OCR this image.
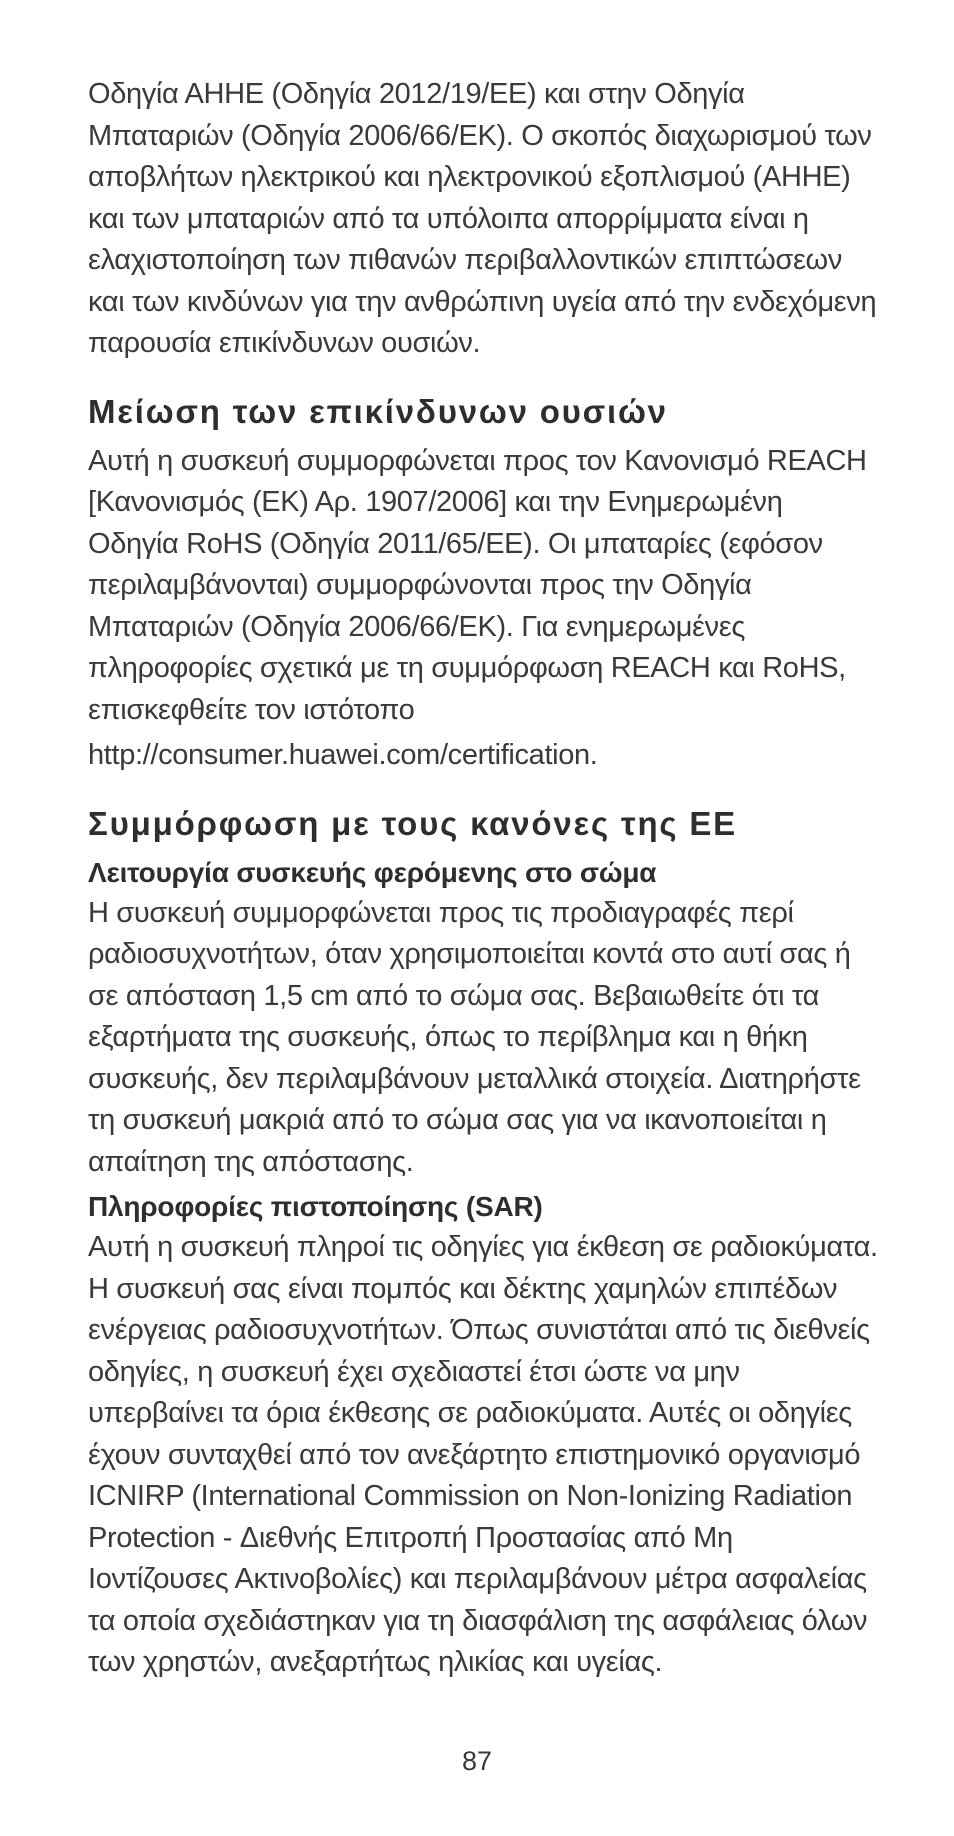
Οδηγία ΑΗΗΕ (Οδηγία 2012/19/ΕΕ) και στην Οδηγία
Μπαταριών (Οδηγία 2006/66/ΕΚ). Ο σκοπός διαχωρισμού των
αποβλήτων ηλεκτρικού και ηλεκτρονικού εξοπλισμού (ΑΗΗΕ)
και των μπαταριών από τα υπόλοιπα απορρίμματα είναι η
ελαχιστοποίηση των πιθανών περιβαλλοντικών επιπτώσεων
και των κινδύνων για την ανθρώπινη υγεία από την ενδεχόμενη
παρουσία επικίνδυνων ουσιών.

Μείωση των επικίνδυνων ουσιών

Αυτή η συσκευή συμμορφώνεται προς τον Κανονισμό REACH
[Κανονισμός (ΕΚ) Αρ. 1907/2006] και την Ενημερωμένη
Οδηγία RoHS (Οδηγία 2011/65/ΕΕ). Οι μπαταρίες (εφόσον
περιλαμβάνονται) συμμορφώνονται προς την Οδηγία
Μπαταριών (Οδηγία 2006/66/ΕΚ). Για ενημερωμένες
πληροφορίες σχετικά με τη συμμόρφωση REACH και RoHS,
επισκεφθείτε τον ιστότοπο

http://consumer.huawei.com/certification.

Συμμόρφωση με τους κανόνες της ΕΕ
Λειτουργία συσκευής φερόμενης στο σώμα

Η συσκευή συμμορφώνεται προς τις προδιαγραφές περί
ραδιοσυχνοτήτων, όταν χρησιμοποιείται κοντά στο αυτί σας ή
σε απόσταση 1,5 cm από το σώμα σας. Βεβαιωθείτε ότι τα
εξαρτήματα της συσκευής, όπως το περίβλημα και η θήκη
συσκευής, δεν περιλαμβάνουν μεταλλικά στοιχεία. Διατηρήστε
τη συσκευή μακριά από το σώμα σας για να ικανοποιείται η
απαίτηση της απόστασης.

Πληροφορίες πιστοποίησης (SAR)

Αυτή η συσκευή πληροί τις οδηγίες για έκθεση σε ραδιοκύματα.
Η συσκευή σας είναι πομπός και δέκτης χαμηλών επιπέδων
ενέργειας ραδιοσυχνοτήτων. Όπως συνιστάται από τις διεθνείς
οδηγίες, η συσκευή έχει σχεδιαστεί έτσι ώστε να μην
υπερβαίνει τα όρια έκθεσης σε ραδιοκύματα. Αυτές οι οδηγίες
έχουν συνταχθεί από τον ανεξάρτητο επιστημονικό οργανισμό
ICNIRP (International Commission on Non-Ionizing Radiation
Protection - Διεθνής Επιτροπή Προστασίας από Μη
Ιοντίζουσες Ακτινοβολίες) και περιλαμβάνουν μέτρα ασφαλείας
τα οποία σχεδιάστηκαν για τη διασφάλιση της ασφάλειας όλων
των χρηστών, ανεξαρτήτως ηλικίας και υγείας.

87
